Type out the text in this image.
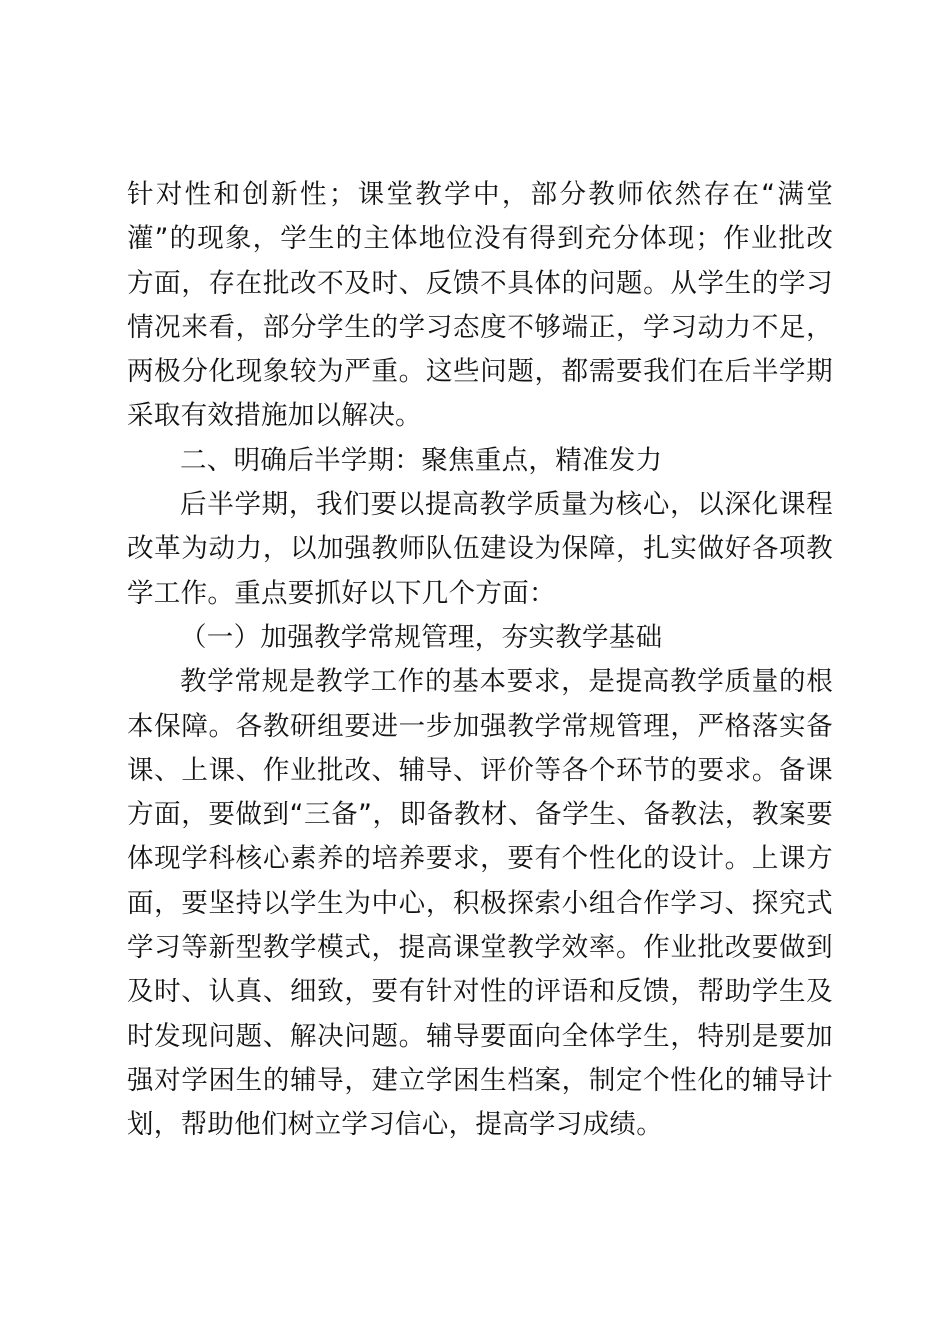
针对性和创新性；课堂教学中，部分教师依然存在“满堂灌”的现象，学生的主体地位没有得到充分体现；作业批改方面，存在批改不及时、反馈不具体的问题。从学生的学习情况来看，部分学生的学习态度不够端正，学习动力不足，两极分化现象较为严重。这些问题，都需要我们在后半学期采取有效措施加以解决。

二、明确后半学期：聚焦重点，精准发力

后半学期，我们要以提高教学质量为核心，以深化课程改革为动力，以加强教师队伍建设为保障，扎实做好各项教学工作。重点要抓好以下几个方面：

（一）加强教学常规管理，夯实教学基础

教学常规是教学工作的基本要求，是提高教学质量的根本保障。各教研组要进一步加强教学常规管理，严格落实备课、上课、作业批改、辅导、评价等各个环节的要求。备课方面，要做到“三备”，即备教材、备学生、备教法，教案要体现学科核心素养的培养要求，要有个性化的设计。上课方面，要坚持以学生为中心，积极探索小组合作学习、探究式学习等新型教学模式，提高课堂教学效率。作业批改要做到及时、认真、细致，要有针对性的评语和反馈，帮助学生及时发现问题、解决问题。辅导要面向全体学生，特别是要加强对学困生的辅导，建立学困生档案，制定个性化的辅导计划，帮助他们树立学习信心，提高学习成绩。
